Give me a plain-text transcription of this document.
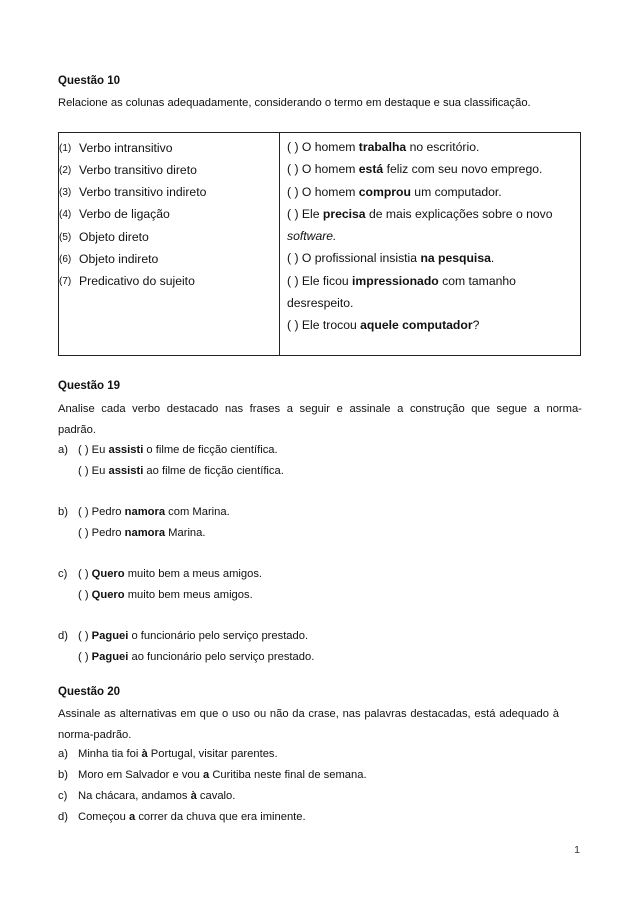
Questão 10
Relacione as colunas adequadamente, considerando o termo em destaque e sua classificação.
(1) Verbo intransitivo
(2) Verbo transitivo direto
(3) Verbo transitivo indireto
(4) Verbo de ligação
(5) Objeto direto
(6) Objeto indireto
(7) Predicativo do sujeito
( ) O homem trabalha no escritório.
( ) O homem está feliz com seu novo emprego.
( ) O homem comprou um computador.
( ) Ele precisa de mais explicações sobre o novo
software.
( ) O profissional insistia na pesquisa.
( ) Ele ficou impressionado com tamanho
desrespeito.
( ) Ele trocou aquele computador?
Questão 19
Analise cada verbo destacado nas frases a seguir e assinale a construção que segue a norma-
padrão.
a) ( ) Eu assisti o filme de ficção científica.
( ) Eu assisti ao filme de ficção científica.
b) ( ) Pedro namora com Marina.
( ) Pedro namora Marina.
c) ( ) Quero muito bem a meus amigos.
( ) Quero muito bem meus amigos.
d) ( ) Paguei o funcionário pelo serviço prestado.
( ) Paguei ao funcionário pelo serviço prestado.
Questão 20
Assinale as alternativas em que o uso ou não da crase, nas palavras destacadas, está adequado à
norma-padrão.
a) Minha tia foi à Portugal, visitar parentes.
b) Moro em Salvador e vou a Curitiba neste final de semana.
c) Na chácara, andamos à cavalo.
d) Começou a correr da chuva que era iminente.
1
